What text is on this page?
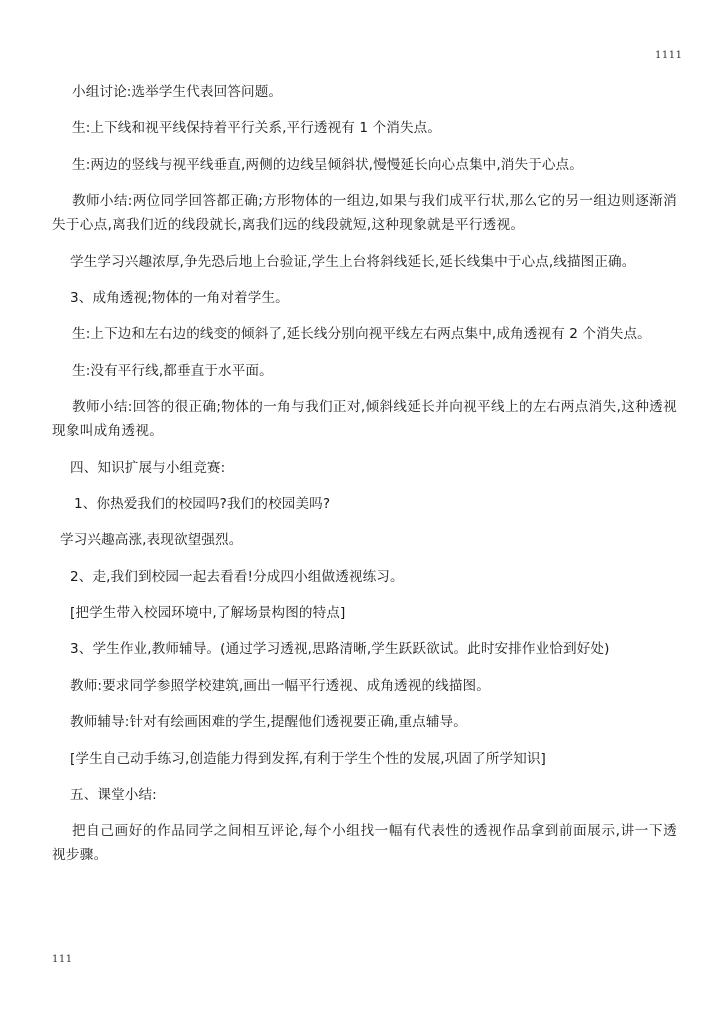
1111

小组讨论:选举学生代表回答问题。

生:上下线和视平线保持着平行关系,平行透视有 1 个消失点。

生:两边的竖线与视平线垂直,两侧的边线呈倾斜状,慢慢延长向心点集中,消失于心点。

教师小结:两位同学回答都正确;方形物体的一组边,如果与我们成平行状,那么它的另一组边则逐渐消失于心点,离我们近的线段就长,离我们远的线段就短,这种现象就是平行透视。

学生学习兴趣浓厚,争先恐后地上台验证,学生上台将斜线延长,延长线集中于心点,线描图正确。

3、成角透视;物体的一角对着学生。

生:上下边和左右边的线变的倾斜了,延长线分别向视平线左右两点集中,成角透视有 2 个消失点。

生:没有平行线,都垂直于水平面。

教师小结:回答的很正确;物体的一角与我们正对,倾斜线延长并向视平线上的左右两点消失,这种透视现象叫成角透视。

四、知识扩展与小组竞赛:

1、你热爱我们的校园吗?我们的校园美吗?

学习兴趣高涨,表现欲望强烈。

2、走,我们到校园一起去看看!分成四小组做透视练习。

[把学生带入校园环境中,了解场景构图的特点]

3、学生作业,教师辅导。(通过学习透视,思路清晰,学生跃跃欲试。此时安排作业恰到好处)

教师:要求同学参照学校建筑,画出一幅平行透视、成角透视的线描图。

教师辅导:针对有绘画困难的学生,提醒他们透视要正确,重点辅导。

[学生自己动手练习,创造能力得到发挥,有利于学生个性的发展,巩固了所学知识]

五、课堂小结:

把自己画好的作品同学之间相互评论,每个小组找一幅有代表性的透视作品拿到前面展示,讲一下透视步骤。

111
